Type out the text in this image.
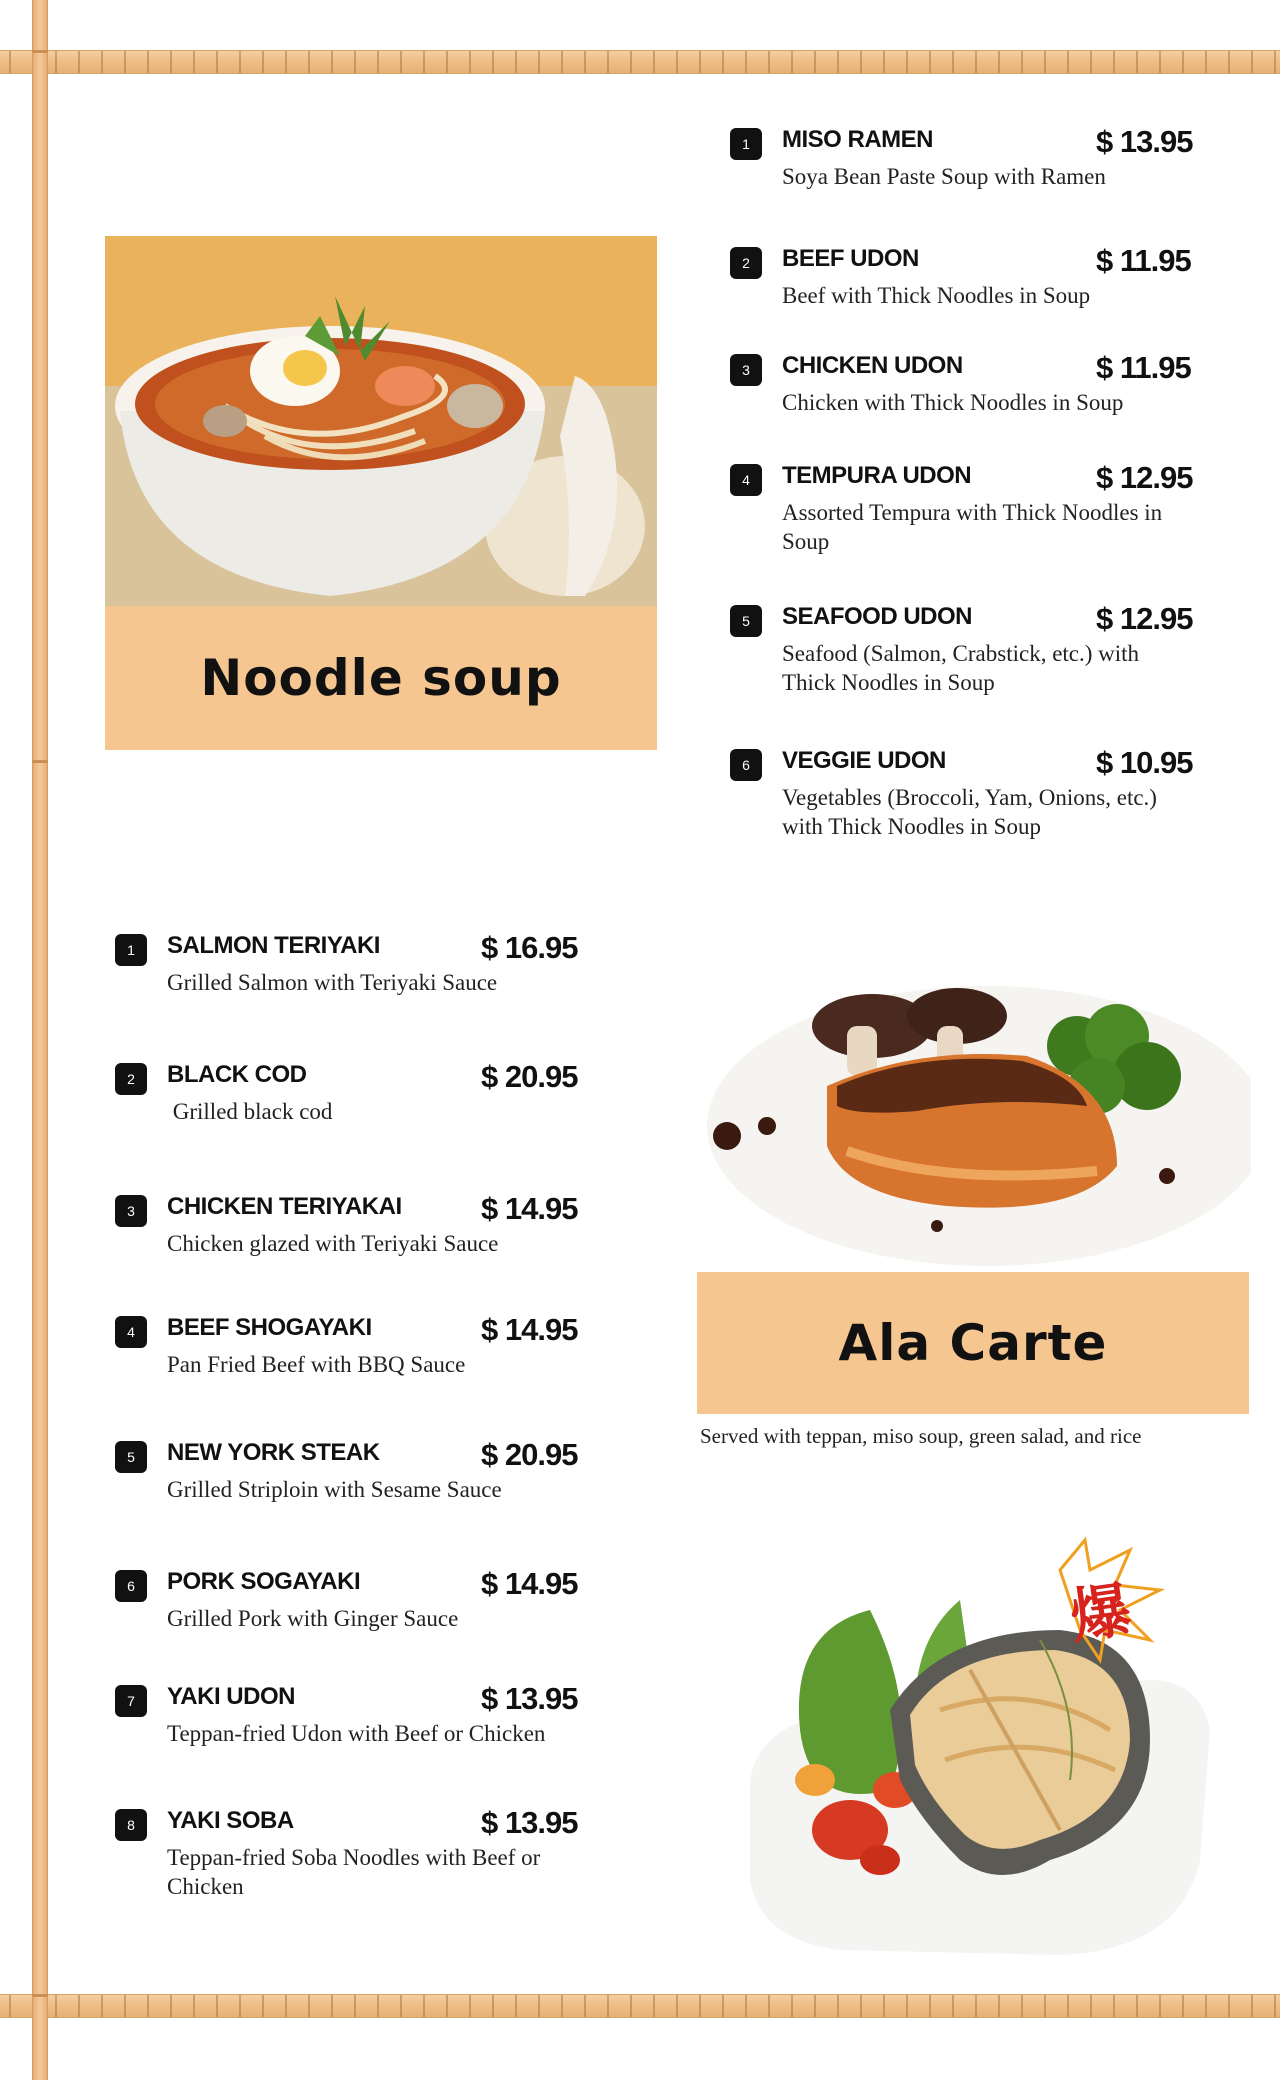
Noodle soup
1	MISO RAMEN	$ 13.95
Soya Bean Paste Soup with Ramen
2	BEEF UDON	$ 11.95
Beef with Thick Noodles in Soup
3	CHICKEN UDON	$ 11.95
Chicken with Thick Noodles in Soup
4	TEMPURA UDON	$ 12.95
Assorted Tempura with Thick Noodles in Soup
5	SEAFOOD UDON	$ 12.95
Seafood (Salmon, Crabstick, etc.) with Thick Noodles in Soup
6	VEGGIE UDON	$ 10.95
Vegetables (Broccoli, Yam, Onions, etc.) with Thick Noodles in Soup
1	SALMON TERIYAKI	$ 16.95
Grilled Salmon with Teriyaki Sauce
2	BLACK COD	$ 20.95
Grilled black cod
3	CHICKEN TERIYAKAI	$ 14.95
Chicken glazed with Teriyaki Sauce
4	BEEF SHOGAYAKI	$ 14.95
Pan Fried Beef with BBQ Sauce
5	NEW YORK STEAK	$ 20.95
Grilled Striploin with Sesame Sauce
6	PORK SOGAYAKI	$ 14.95
Grilled Pork with Ginger Sauce
7	YAKI UDON	$ 13.95
Teppan-fried Udon with Beef or Chicken
8	YAKI SOBA	$ 13.95
Teppan-fried Soba Noodles with Beef or Chicken
Ala Carte
Served with teppan, miso soup, green salad, and rice
爆
